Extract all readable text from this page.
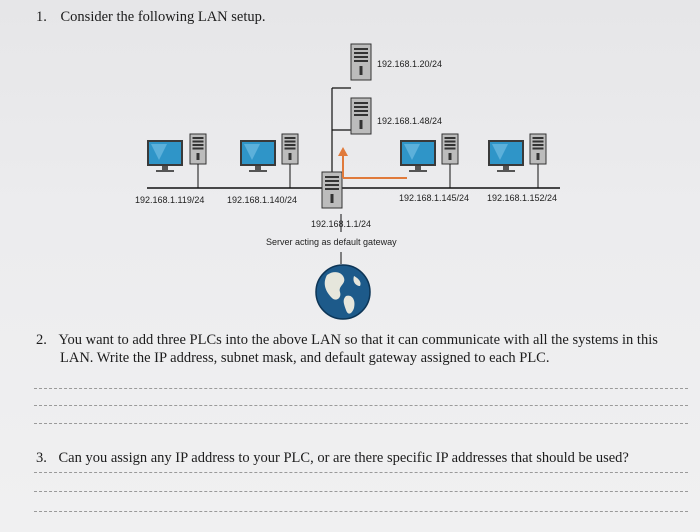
1. Consider the following LAN setup.
192.168.1.20/24
192.168.1.48/24
192.168.1.119/24	192.168.1.140/24	192.168.1.145/24 192.168.1.152/24
192.168.1.1/24
Server acting as default gateway
2. You want to add three PLCs into the above LAN so that it can communicate with all the systems in this
LAN. Write the IP address, subnet mask, and default gateway assigned to each PLC.
3. Can you assign any IP address to your PLC, or are there specific IP addresses that should be used?
